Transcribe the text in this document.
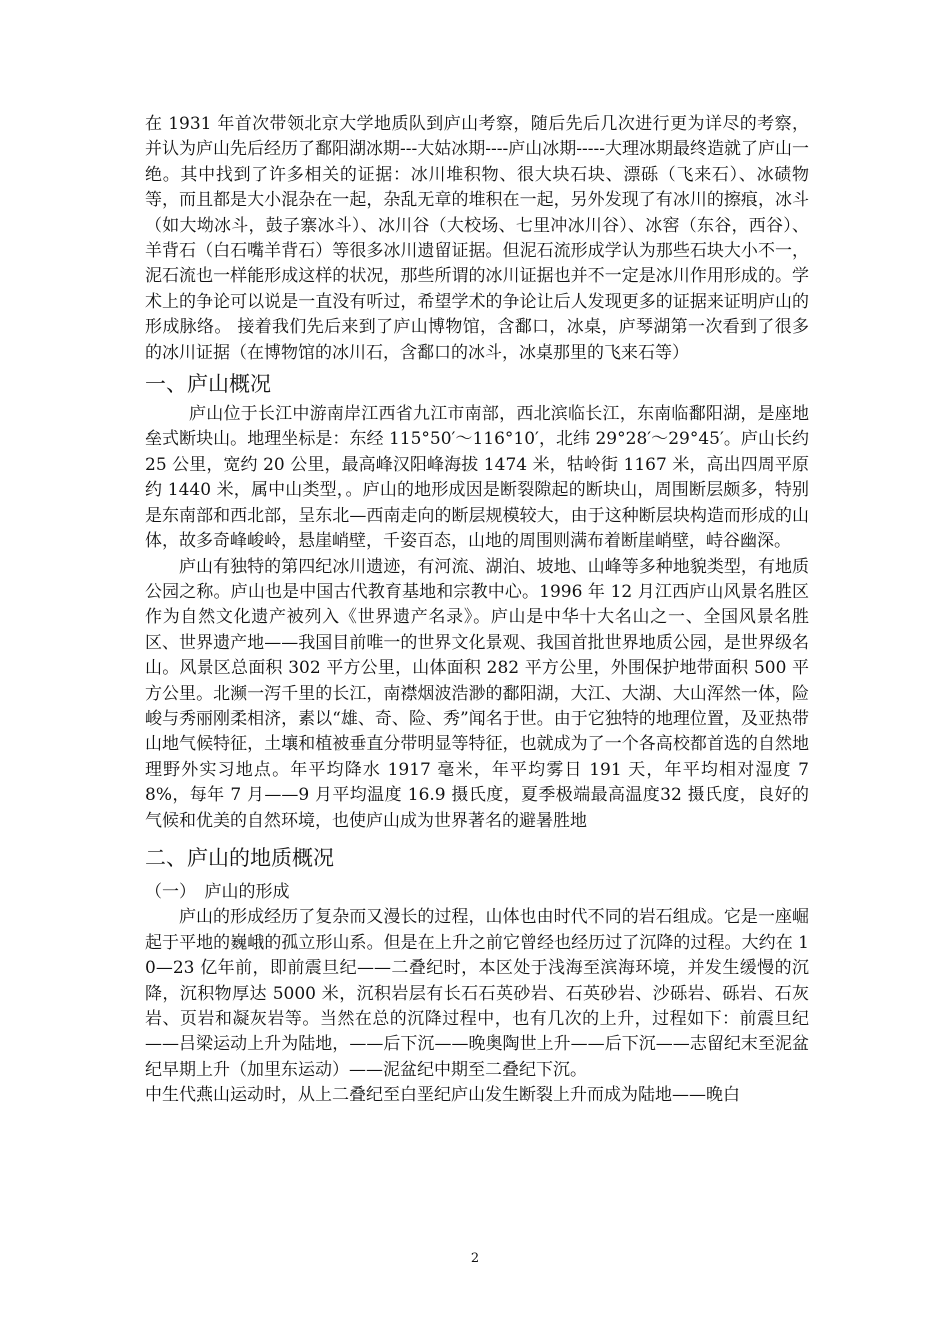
在 1931 年首次带领北京大学地质队到庐山考察，随后先后几次进行更为详尽的考察，并认为庐山先后经历了鄱阳湖冰期---大姑冰期----庐山冰期-----大理冰期最终造就了庐山一绝。其中找到了许多相关的证据：冰川堆积物、很大块石块、漂砾（飞来石）、冰碛物等，而且都是大小混杂在一起，杂乱无章的堆积在一起，另外发现了有冰川的擦痕，冰斗（如大坳冰斗，鼓子寨冰斗）、冰川谷（大校场、七里冲冰川谷）、冰窖（东谷，西谷）、羊背石（白石嘴羊背石）等很多冰川遗留证据。但泥石流形成学认为那些石块大小不一，泥石流也一样能形成这样的状况，那些所谓的冰川证据也并不一定是冰川作用形成的。学术上的争论可以说是一直没有听过，希望学术的争论让后人发现更多的证据来证明庐山的形成脉络。 接着我们先后来到了庐山博物馆，含鄱口，冰桌，庐琴湖第一次看到了很多的冰川证据（在博物馆的冰川石，含鄱口的冰斗，冰桌那里的飞来石等）

一、庐山概况

庐山位于长江中游南岸江西省九江市南部，西北滨临长江，东南临鄱阳湖，是座地垒式断块山。地理坐标是：东经 115°50′～116°10′，北纬 29°28′～29°45′。庐山长约 25 公里，宽约 20 公里，最高峰汉阳峰海拔 1474 米，牯岭街 1167 米，高出四周平原约 1440 米，属中山类型，。庐山的地形成因是断裂隙起的断块山，周围断层颇多，特别是东南部和西北部，呈东北—西南走向的断层规模较大，由于这种断层块构造而形成的山体，故多奇峰峻岭，悬崖峭壁，千姿百态，山地的周围则满布着断崖峭壁，峙谷幽深。

庐山有独特的第四纪冰川遗迹，有河流、湖泊、坡地、山峰等多种地貌类型，有地质公园之称。庐山也是中国古代教育基地和宗教中心。1996 年 12 月江西庐山风景名胜区作为自然文化遗产被列入《世界遗产名录》。庐山是中华十大名山之一、全国风景名胜区、世界遗产地——我国目前唯一的世界文化景观、我国首批世界地质公园，是世界级名山。风景区总面积 302 平方公里，山体面积 282 平方公里，外围保护地带面积 500 平方公里。北濒一泻千里的长江，南襟烟波浩渺的鄱阳湖，大江、大湖、大山浑然一体，险峻与秀丽刚柔相济，素以“雄、奇、险、秀”闻名于世。由于它独特的地理位置，及亚热带山地气候特征，土壤和植被垂直分带明显等特征，也就成为了一个各高校都首选的自然地理野外实习地点。年平均降水 1917 毫米，年平均雾日 191 天，年平均相对湿度 78%，每年 7 月——9 月平均温度 16.9 摄氏度，夏季极端最高温度32 摄氏度，良好的气候和优美的自然环境，也使庐山成为世界著名的避暑胜地

二、庐山的地质概况

（一）　庐山的形成

庐山的形成经历了复杂而又漫长的过程，山体也由时代不同的岩石组成。它是一座崛起于平地的巍峨的孤立形山系。但是在上升之前它曾经也经历过了沉降的过程。大约在 10—23 亿年前，即前震旦纪——二叠纪时，本区处于浅海至滨海环境，并发生缓慢的沉降，沉积物厚达 5000 米，沉积岩层有长石石英砂岩、石英砂岩、沙砾岩、砾岩、石灰岩、页岩和凝灰岩等。当然在总的沉降过程中，也有几次的上升，过程如下：前震旦纪——吕梁运动上升为陆地，——后下沉——晚奥陶世上升——后下沉——志留纪末至泥盆纪早期上升（加里东运动）——泥盆纪中期至二叠纪下沉。

中生代燕山运动时，从上二叠纪至白垩纪庐山发生断裂上升而成为陆地——晚白

2
